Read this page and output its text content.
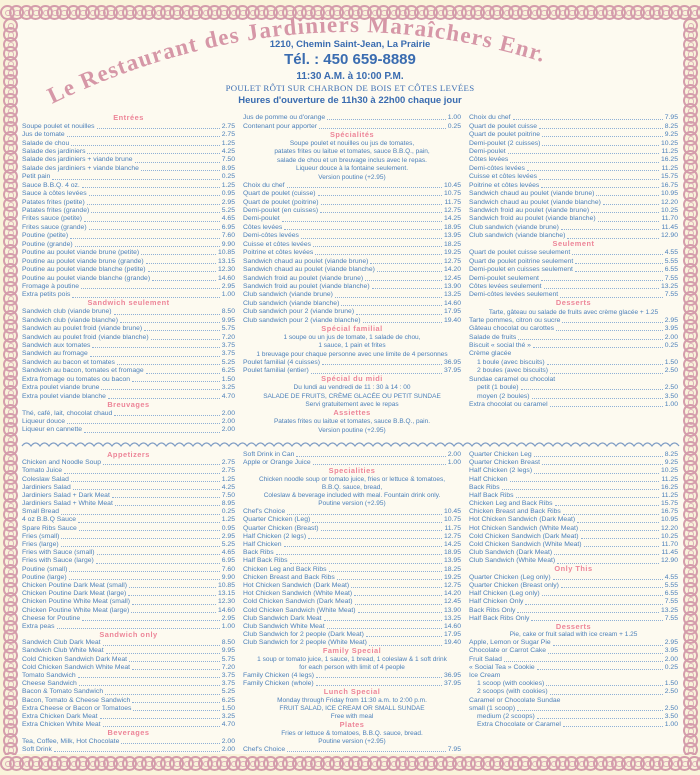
Le Restaurant des Jardiniers Maraîchers Enr.
1210, Chemin Saint-Jean, La Prairie
Tél. : 450 659-8889
11:30 A.M. à 10:00 P.M.
POULET RÔTI SUR CHARBON DE BOIS ET CÔTES LEVÉES
Heures d'ouverture de 11h30 à 22h00 chaque jour
Entrées
Soupe poulet et nouilles	2.75
Jus de tomate	2.75
Salade de chou	1.25
Salade des jardiniers	4.25
Salade des jardiniers + viande brune	7.50
Salade des jardiniers + viande blanche	8.95
Petit pain	0.25
Sauce B.B.Q. 4 oz.	1.25
Sauce à côtes levées	0.95
Patates frites (petite)	2.95
Patates frites (grande)	5.25
Frites sauce (petite)	4.65
Frites sauce (grande)	6.95
Poutine (petite)	7.60
Poutine (grande)	9.90
Poutine au poulet viande brune (petite)	10.85
Poutine au poulet viande brune (grande)	13.15
Poutine au poulet viande blanche (petite)	12.30
Poutine au poulet viande blanche (grande)	14.60
Fromage à poutine	2.95
Extra petits pois	1.00
Sandwich seulement
Sandwich club (viande brune)	8.50
Sandwich club (viande blanche)	9.95
Sandwich au poulet froid (viande brune)	5.75
Sandwich au poulet froid (viande blanche)	7.20
Sandwich aux tomates	3.75
Sandwich au fromage	3.75
Sandwich au bacon et tomates	5.25
Sandwich au bacon, tomates et fromage	6.25
Extra fromage ou tomates ou bacon	1.50
Extra poulet viande brune	3.25
Extra poulet viande blanche	4.70
Breuvages
Thé, café, lait, chocolat chaud	2.00
Liqueur douce	2.00
Liqueur en cannette	2.00
Jus de pomme ou d'orange	1.00
Contenant pour apporter	0.25
Spécialités
Soupe poulet et nouilles ou jus de tomates,
patates frites ou laitue et tomates, sauce B.B.Q., pain,
salade de chou et un breuvage inclus avec le repas.
Liqueur douce à la fontaine seulement.
Version poutine (+2.95)
Choix du chef	10.45
Quart de poulet (cuisse)	10.75
Quart de poulet (poitrine)	11.75
Demi-poulet (en cuisses)	12.75
Demi-poulet	14.25
Côtes levées	18.95
Demi-côtes levées	13.95
Cuisse et côtes levées	18.25
Poitrine et côtes levées	19.25
Sandwich chaud au poulet (viande brune)	12.75
Sandwich chaud au poulet (viande blanche)	14.20
Sandwich froid au poulet (viande brune)	12.45
Sandwich froid au poulet (viande blanche)	13.90
Club sandwich (viande brune)	13.25
Club sandwich (viande blanche)	14.60
Club sandwich pour 2 (viande brune)	17.95
Club sandwich pour 2 (viande blanche)	19.40
Spécial familial
1 soupe ou un jus de tomate, 1 salade de chou,
1 sauce, 1 pain et frites
1 breuvage pour chaque personne avec une limite de 4 personnes
Poulet familial (4 cuisses)	36.95
Poulet familial (entier)	37.95
Spécial du midi
Du lundi au vendredi de 11 : 30 à 14 : 00
SALADE DE FRUITS, CRÈME GLACÉE OU PETIT SUNDAE
Servi gratuitement avec le repas
Assiettes
Patates frites ou laitue et tomates, sauce B.B.Q., pain.
Version poutine (+2.95)
Choix du chef	7.95
Quart de poulet cuisse	8.25
Quart de poulet poitrine	9.25
Demi-poulet (2 cuisses)	10.25
Demi-poulet	11.25
Côtes levées	16.25
Demi-côtes levées	11.25
Cuisse et côtes levées	15.75
Poitrine et côtes levées	16.75
Sandwich chaud au poulet (viande brune)	10.95
Sandwich chaud au poulet (viande blanche)	12.20
Sandwich froid au poulet (viande brune)	10.25
Sandwich froid au poulet (viande blanche)	11.70
Club sandwich (viande brune)	11.45
Club sandwich (viande blanche)	12.90
Seulement
Quart de poulet cuisse seulement	4.55
Quart de poulet poitrine seulement	5.55
Demi-poulet en cuisses seulement	6.55
Demi-poulet seulement	7.55
Côtes levées seulement	13.25
Demi-côtes levées seulement	7.55
Desserts
Tarte, gâteau ou salade de fruits avec crème glacée + 1.25
Tarte pommes, citron ou sucre	2.95
Gâteau chocolat ou carottes	3.95
Salade de fruits	2.00
Biscuit « social thé »	0.25
Crème glacée
1 boule (avec biscuits)	1.50
2 boules (avec biscuits)	2.50
Sundae caramel ou chocolat
petit (1 boule)	2.50
moyen (2 boules)	3.50
Extra chocolat ou caramel	1.00
Appetizers
Chicken and Noodle Soup	2.75
Tomato Juice	2.75
Coleslaw Salad	1.25
Jardiniers Salad	4.25
Jardiniers Salad + Dark Meat	7.50
Jardiniers Salad + White Meat	8.95
Small Bread	0.25
4 oz B.B.Q Sauce	1.25
Spare Ribs Sauce	0.95
Fries (small)	2.95
Fries (large)	5.25
Fries with Sauce (small)	4.65
Fries with Sauce (large)	6.95
Poutine (small)	7.60
Poutine (large)	9.90
Chicken Poutine Dark Meat (small)	10.85
Chicken Poutine Dark Meat (large)	13.15
Chicken Poutine White Meat (small)	12.30
Chicken Poutine White Meat (large)	14.60
Cheese for Poutine	2.95
Extra peas	1.00
Sandwich only
Sandwich Club Dark Meat	8.50
Sandwich Club White Meat	9.95
Cold Chicken Sandwich Dark Meat	5.75
Cold Chicken Sandwich White Meat	7.20
Tomato Sandwich	3.75
Cheese Sandwich	3.75
Bacon & Tomato Sandwich	5.25
Bacon, Tomato & Cheese Sandwich	6.25
Extra Cheese or Bacon or Tomatoes	1.50
Extra Chicken Dark Meat	3.25
Extra Chicken White Meat	4.70
Beverages
Tea, Coffee, Milk, Hot Chocolate	2.00
Soft Drink	2.00
Soft Drink in Can	2.00
Apple or Orange Juice	1.00
Specialities
Chicken noodle soup or tomato juice, fries or lettuce & tomatoes,
B.B.Q. sauce, bread,
Coleslaw & beverage included with meal. Fountain drink only.
Poutine version (+2.95)
Chef's Choice	10.45
Quarter Chicken (Leg)	10.75
Quarter Chicken (Breast)	11.75
Half Chicken (2 legs)	12.75
Half Chicken	14.25
Back Ribs	18.95
Half Back Ribs	13.95
Chicken Leg and Back Ribs	18.25
Chicken Breast and Back Ribs	19.25
Hot Chicken Sandwich (Dark Meat)	12.75
Hot Chicken Sandwich (White Meat)	14.20
Cold Chicken Sandwich (Dark Meat)	12.45
Cold Chicken Sandwich (White Meat)	13.90
Club Sandwich Dark Meat	13.25
Club Sandwich White Meat	14.60
Club Sandwich for 2 people (Dark Meat)	17.95
Club Sandwich for 2 people (White Meat)	19.40
Family Special
1 soup or tomato juice, 1 sauce, 1 bread, 1 coleslaw & 1 soft drink
for each person with limit of 4 people
Family Chicken (4 legs)	36.95
Family Chicken (whole)	37.95
Lunch Special
Monday through Friday from 11:30 a.m. to 2:00 p.m.
FRUIT SALAD, ICE CREAM OR SMALL SUNDAE
Free with meal
Plates
Fries or lettuce & tomatoes, B.B.Q. sauce, bread.
Poutine version (+2.95)
Chef's Choice	7.95
Quarter Chicken Leg	8.25
Quarter Chicken Breast	9.25
Half Chicken (2 legs)	10.25
Half Chicken	11.25
Back Ribs	16.25
Half Back Ribs	11.25
Chicken Leg and Back Ribs	15.75
Chicken Breast and Back Ribs	16.75
Hot Chicken Sandwich (Dark Meat)	10.95
Hot Chicken Sandwich (White Meat)	12.20
Cold Chicken Sandwich (Dark Meat)	10.25
Cold Chicken Sandwich (White Meat)	11.70
Club Sandwich (Dark Meat)	11.45
Club Sandwich (White Meat)	12.90
Only This
Quarter Chicken (Leg only)	4.55
Quarter Chicken (Breast only)	5.55
Half Chicken (Leg only)	6.55
Half Chicken Only	7.55
Back Ribs Only	13.25
Half Back Ribs Only	7.55
Desserts
Pie, cake or fruit salad with ice cream + 1.25
Apple, Lemon or Sugar Pie	2.95
Chocolate or Carrot Cake	3.95
Fruit Salad	2.00
« Social Tea » Cookie	0.25
Ice Cream
1 scoop (with cookies)	1.50
2 scoops (with cookies)	2.50
Caramel or Chocolate Sundae
small (1 scoop)	2.50
medium (2 scoops)	3.50
Extra Chocolate or Caramel	1.00
